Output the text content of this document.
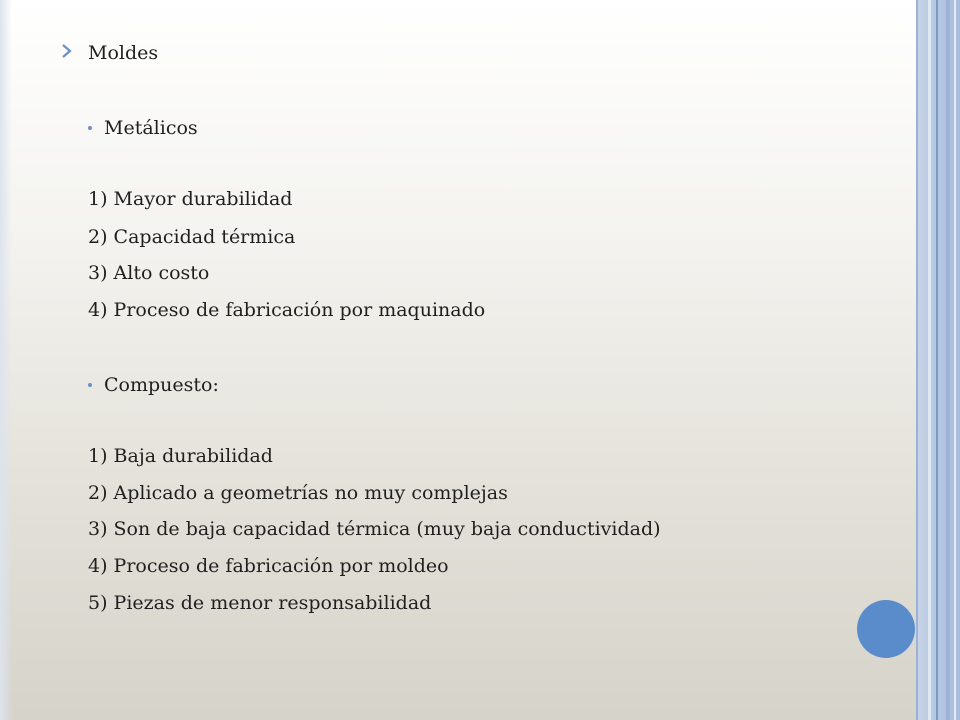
Moldes
Metálicos
1) Mayor durabilidad
2) Capacidad térmica
3) Alto costo
4) Proceso de fabricación por maquinado
Compuesto:
1) Baja durabilidad
2) Aplicado a geometrías no muy complejas
3) Son de baja capacidad térmica (muy baja conductividad)
4) Proceso de fabricación por moldeo
5) Piezas de menor responsabilidad
